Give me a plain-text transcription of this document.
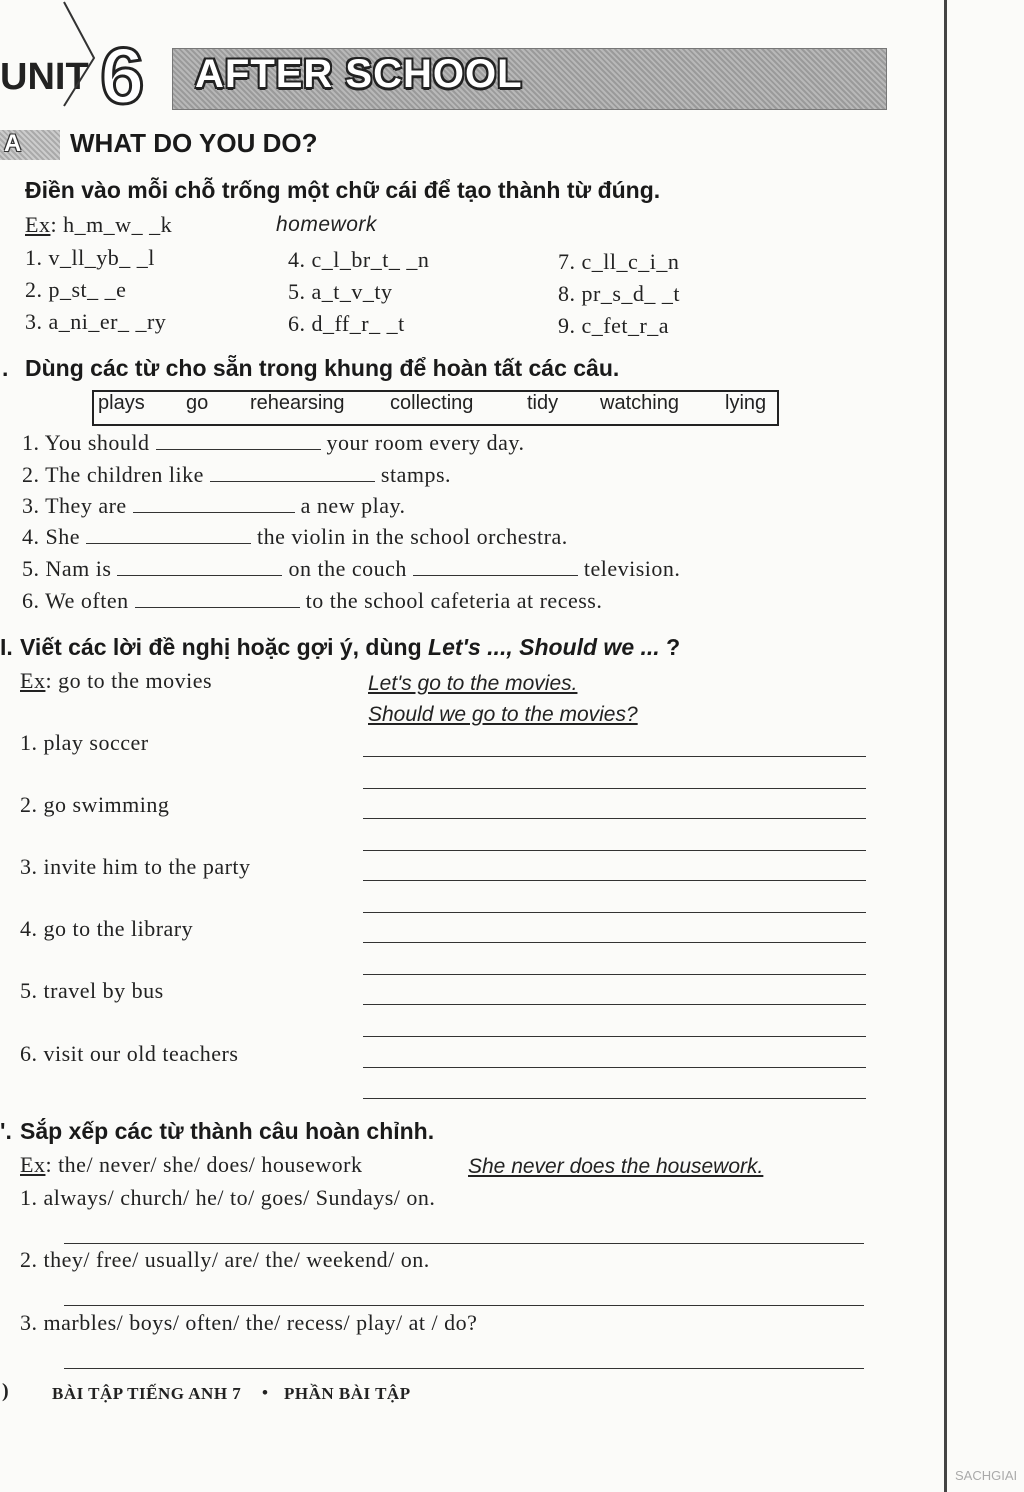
UNIT 6 AFTER SCHOOL
A WHAT DO YOU DO?
Điền vào mỗi chỗ trống một chữ cái để tạo thành từ đúng.
Ex: h_m_w_ _k	homework
1. v_ll_yb_ _l
2. p_st_ _e
3. a_ni_er_ _ry
4. c_l_br_t_ _n
5. a_t_v_ty
6. d_ff_r_ _t
7. c_ll_c_i_n
8. pr_s_d_ _t
9. c_fet_r_a
. Dùng các từ cho sẵn trong khung để hoàn tất các câu.
plays go rehearsing collecting	tidy watching lying
1. You should	your room every day.
2. The children like	stamps.
3. They are	a new play.
4. She	the violin in the school orchestra.
5. Nam is	on the couch	television.
6. We often	to the school cafeteria at recess.
I. Viết các lời đề nghị hoặc gợi ý, dùng Let's ..., Should we ... ?
Ex: go to the movies	Let's go to the movies.
Should we go to the movies?
1. play soccer
2. go swimming
3. invite him to the party
4. go to the library
5. travel by bus
6. visit our old teachers
'. Sắp xếp các từ thành câu hoàn chỉnh.
Ex: the/ never/ she/ does/ housework	She never does the housework.
1. always/ church/ he/ to/ goes/ Sundays/ on.
2. they/ free/ usually/ are/ the/ weekend/ on.
3. marbles/ boys/ often/ the/ recess/ play/ at / do?
)	BÀI TẬP TIẾNG ANH 7 • PHẦN BÀI TẬP
SACHGIAI
